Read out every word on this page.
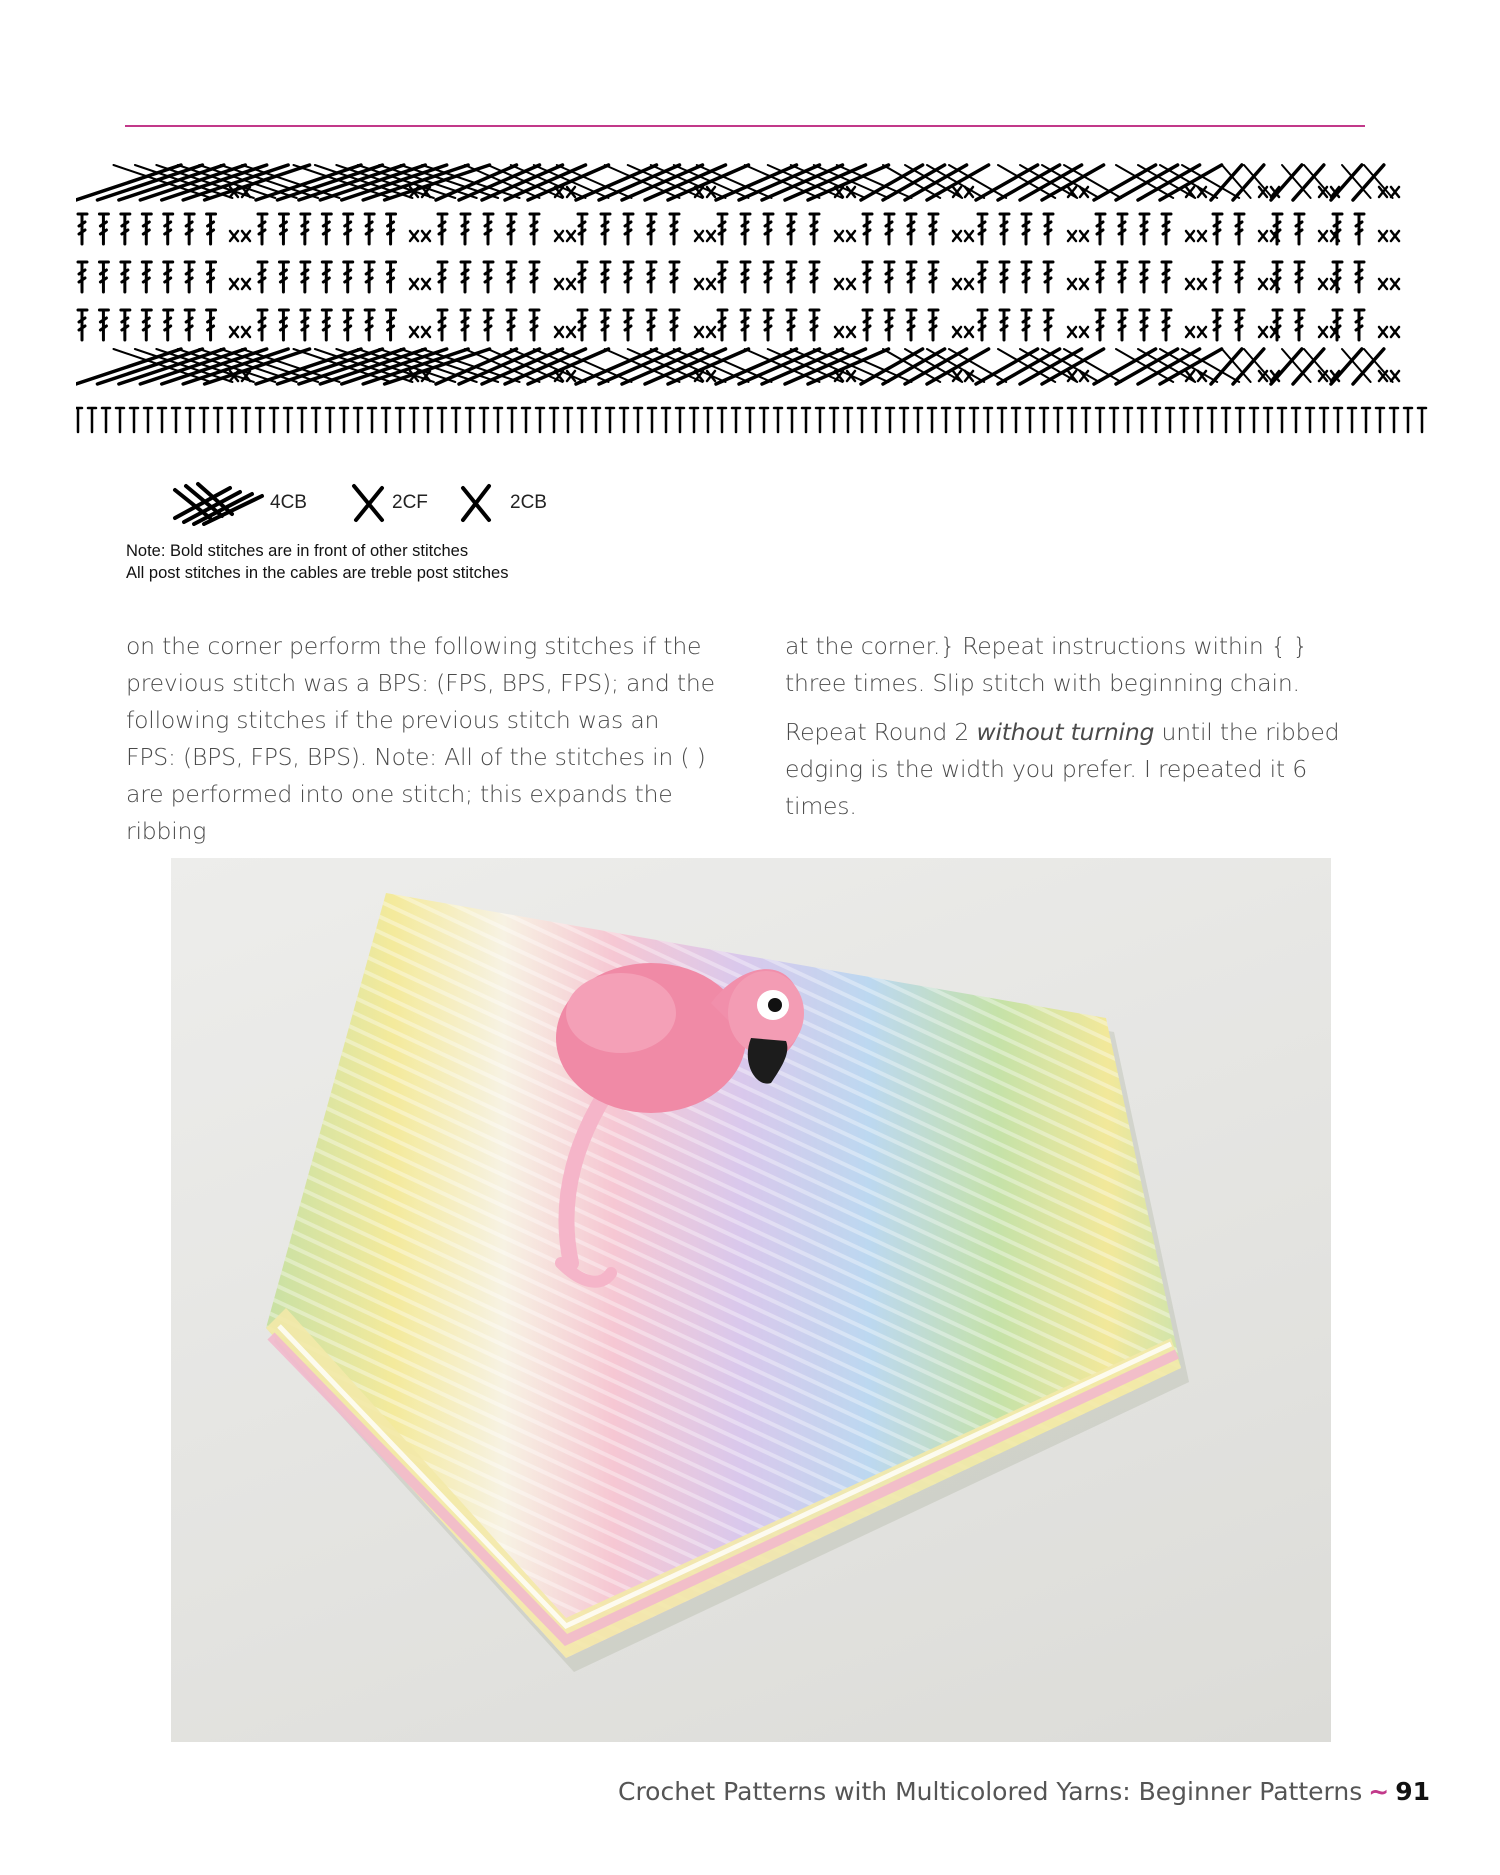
4CB	2CF	2CB
Note: Bold stitches are in front of other stitches
All post stitches in the cables are treble post stitches

on the corner perform the following stitches if the previous stitch was a BPS: (FPS, BPS, FPS); and the following stitches if the previous stitch was an FPS: (BPS, FPS, BPS). Note: All of the stitches in ( ) are performed into one stitch; this expands the ribbing

at the corner.} Repeat instructions within { } three times. Slip stitch with beginning chain.

Repeat Round 2 without turning until the ribbed edging is the width you prefer. I repeated it 6 times.

Crochet Patterns with Multicolored Yarns: Beginner Patterns ~ 91
